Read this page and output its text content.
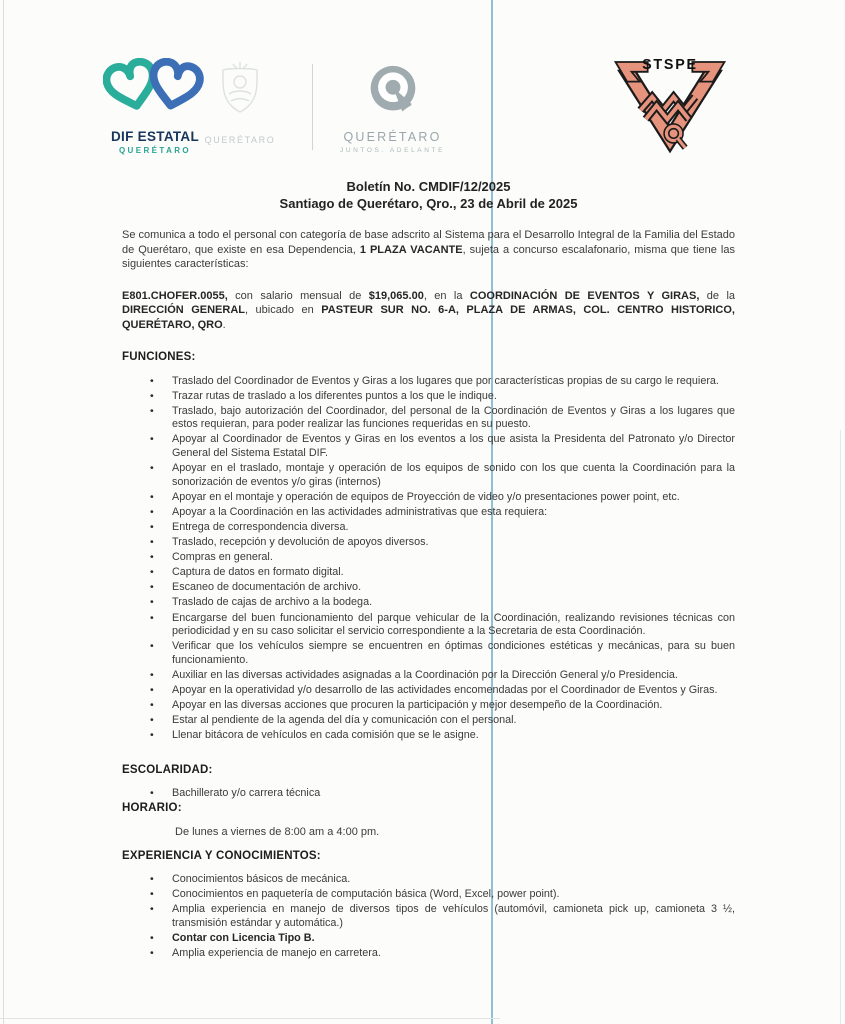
DIF ESTATAL
QUERÉTARO
QUERÉTARO	QUERÉTARO
JUNTOS. ADELANTE
STSPE
Boletín No. CMDIF/12/2025
Santiago de Querétaro, Qro., 23 de Abril de 2025

Se comunica a todo el personal con categoría de base adscrito al Sistema para el Desarrollo Integral de la Familia del Estado de Querétaro, que existe en esa Dependencia, 1 PLAZA VACANTE, sujeta a concurso escalafonario, misma que tiene las siguientes características:

E801.CHOFER.0055, con salario mensual de $19,065.00, en la COORDINACIÓN DE EVENTOS Y GIRAS, de la DIRECCIÓN GENERAL, ubicado en PASTEUR SUR NO. 6-A, PLAZA DE ARMAS, COL. CENTRO HISTORICO, QUERÉTARO, QRO.

FUNCIONES:
•	Traslado del Coordinador de Eventos y Giras a los lugares que por características propias de su cargo le requiera.
•	Trazar rutas de traslado a los diferentes puntos a los que le indique.
•	Traslado, bajo autorización del Coordinador, del personal de la Coordinación de Eventos y Giras a los lugares que estos requieran, para poder realizar las funciones requeridas en su puesto.
•	Apoyar al Coordinador de Eventos y Giras en los eventos a los que asista la Presidenta del Patronato y/o Director General del Sistema Estatal DIF.
•	Apoyar en el traslado, montaje y operación de los equipos de sonido con los que cuenta la Coordinación para la sonorización de eventos y/o giras (internos)
•	Apoyar en el montaje y operación de equipos de Proyección de video y/o presentaciones power point, etc.
•	Apoyar a la Coordinación en las actividades administrativas que esta requiera:
•	Entrega de correspondencia diversa.
•	Traslado, recepción y devolución de apoyos diversos.
•	Compras en general.
•	Captura de datos en formato digital.
•	Escaneo de documentación de archivo.
•	Traslado de cajas de archivo a la bodega.
•	Encargarse del buen funcionamiento del parque vehicular de la Coordinación, realizando revisiones técnicas con periodicidad y en su caso solicitar el servicio correspondiente a la Secretaria de esta Coordinación.
•	Verificar que los vehículos siempre se encuentren en óptimas condiciones estéticas y mecánicas, para su buen funcionamiento.
•	Auxiliar en las diversas actividades asignadas a la Coordinación por la Dirección General y/o Presidencia.
•	Apoyar en la operatividad y/o desarrollo de las actividades encomendadas por el Coordinador de Eventos y Giras.
•	Apoyar en las diversas acciones que procuren la participación y mejor desempeño de la Coordinación.
•	Estar al pendiente de la agenda del día y comunicación con el personal.
•	Llenar bitácora de vehículos en cada comisión que se le asigne.
ESCOLARIDAD:
•	Bachillerato y/o carrera técnica
HORARIO:

De lunes a viernes de 8:00 am a 4:00 pm.

EXPERIENCIA Y CONOCIMIENTOS:
•	Conocimientos básicos de mecánica.
•	Conocimientos en paquetería de computación básica (Word, Excel, power point).
•	Amplia experiencia en manejo de diversos tipos de vehículos (automóvil, camioneta pick up, camioneta 3 ½, transmisión estándar y automática.)
•	Contar con Licencia Tipo B.
•	Amplia experiencia de manejo en carretera.
